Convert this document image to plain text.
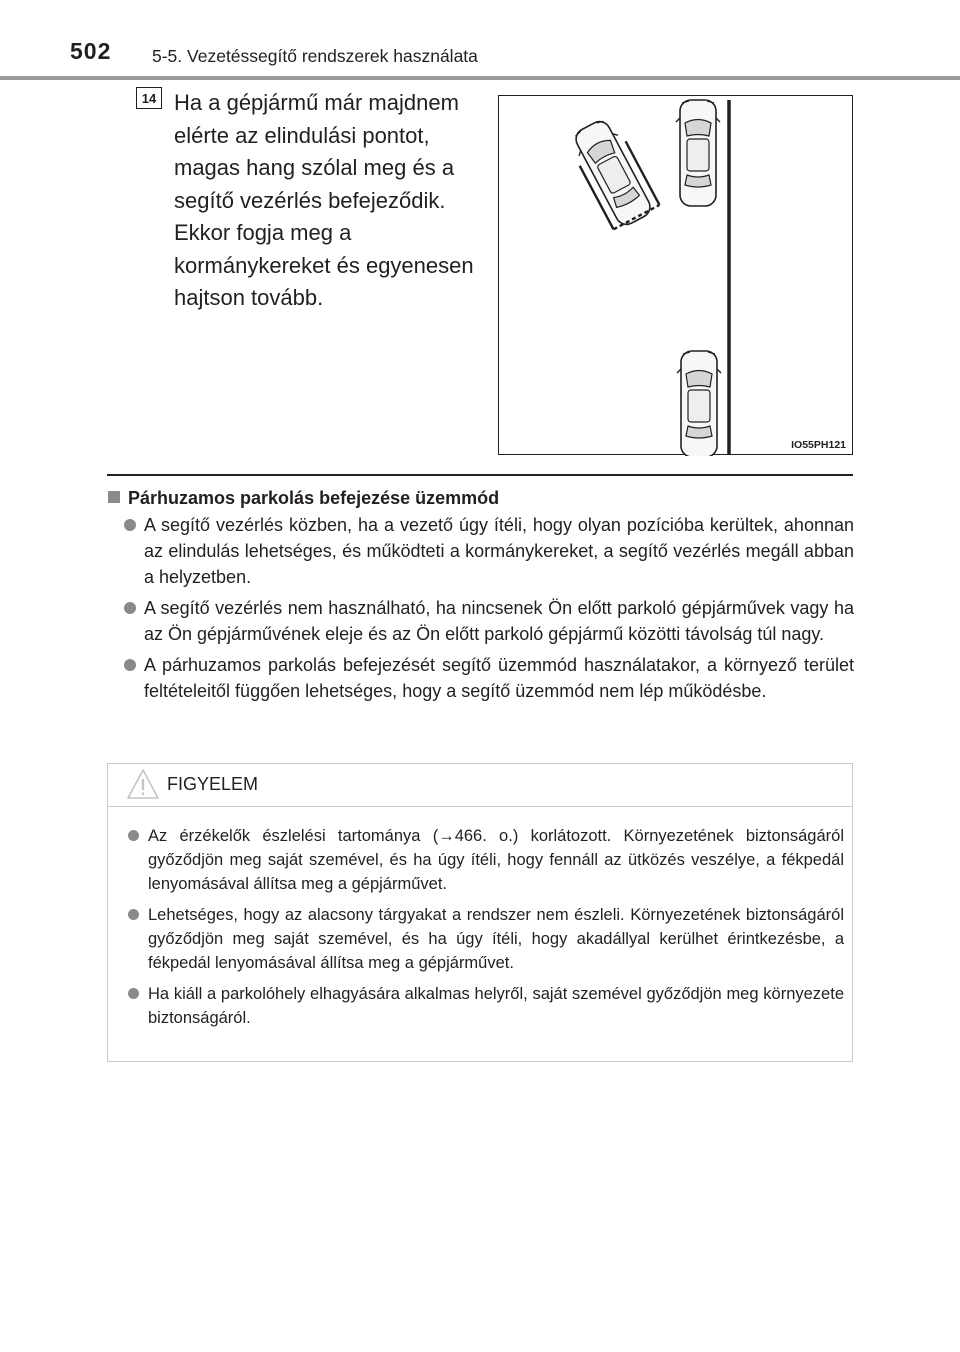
502 5-5. Vezetéssegítő rendszerek használata
14 Ha a gépjármű már majdnem elérte az elindulási pontot, magas hang szólal meg és a segítő vezérlés befejeződik. Ekkor fogja meg a kormánykereket és egyenesen hajtson tovább.
IO55PH121
Párhuzamos parkolás befejezése üzemmód
A segítő vezérlés közben, ha a vezető úgy ítéli, hogy olyan pozícióba kerültek, ahonnan az elindulás lehetséges, és működteti a kormánykereket, a segítő vezérlés megáll abban a helyzetben.
A segítő vezérlés nem használható, ha nincsenek Ön előtt parkoló gépjárművek vagy ha az Ön gépjárművének eleje és az Ön előtt parkoló gépjármű közötti távolság túl nagy.
A párhuzamos parkolás befejezését segítő üzemmód használatakor, a környező terület feltételeitől függően lehetséges, hogy a segítő üzemmód nem lép működésbe.
FIGYELEM
Az érzékelők észlelési tartománya (→466. o.) korlátozott. Környezetének biztonságáról győződjön meg saját szemével, és ha úgy ítéli, hogy fennáll az ütközés veszélye, a fékpedál lenyomásával állítsa meg a gépjárművet.
Lehetséges, hogy az alacsony tárgyakat a rendszer nem észleli. Környezetének biztonságáról győződjön meg saját szemével, és ha úgy ítéli, hogy akadállyal kerülhet érintkezésbe, a fékpedál lenyomásával állítsa meg a gépjárművet.
Ha kiáll a parkolóhely elhagyására alkalmas helyről, saját szemével győződjön meg környezete biztonságáról.
